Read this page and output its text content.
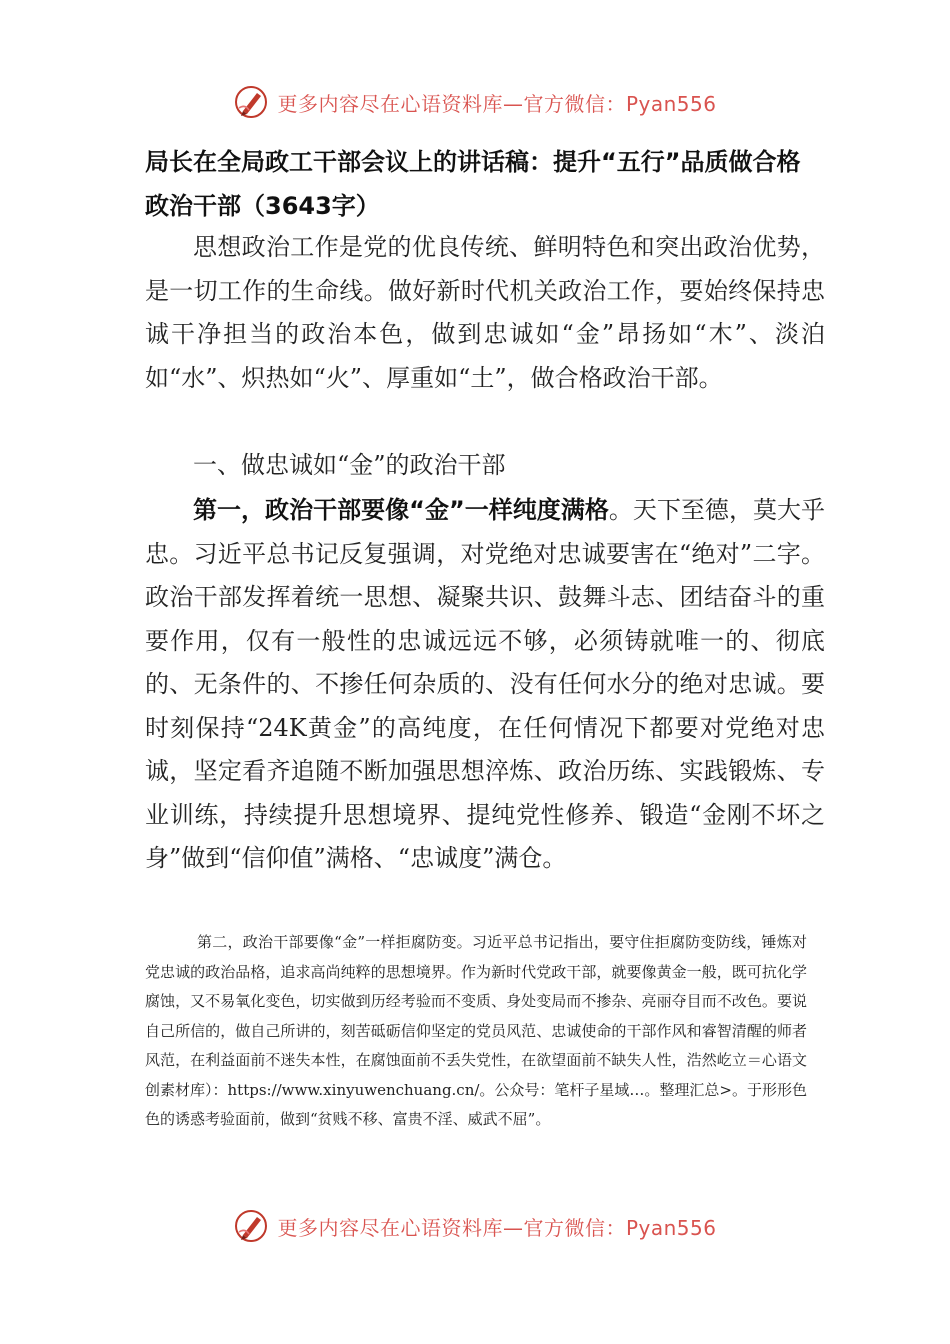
更多内容尽在心语资料库—官方微信：Pyan556
局长在全局政工干部会议上的讲话稿：提升“五行”品质做合格政治干部（3643字）

思想政治工作是党的优良传统、鲜明特色和突出政治优势，是一切工作的生命线。做好新时代机关政治工作，要始终保持忠诚干净担当的政治本色，做到忠诚如“金”昂扬如“木”、淡泊如“水”、炽热如“火”、厚重如“土”，做合格政治干部。

一、做忠诚如“金”的政治干部

第一，政治干部要像“金”一样纯度满格。天下至德，莫大乎忠。习近平总书记反复强调，对党绝对忠诚要害在“绝对”二字。政治干部发挥着统一思想、凝聚共识、鼓舞斗志、团结奋斗的重要作用，仅有一般性的忠诚远远不够，必须铸就唯一的、彻底的、无条件的、不掺任何杂质的、没有任何水分的绝对忠诚。要时刻保持“24K黄金”的高纯度，在任何情况下都要对党绝对忠诚，坚定看齐追随不断加强思想淬炼、政治历练、实践锻炼、专业训练，持续提升思想境界、提纯党性修养、锻造“金刚不坏之身”做到“信仰值”满格、“忠诚度”满仓。

第二，政治干部要像“金”一样拒腐防变。习近平总书记指出，要守住拒腐防变防线，锤炼对党忠诚的政治品格，追求高尚纯粹的思想境界。作为新时代党政干部，就要像黄金一般，既可抗化学腐蚀，又不易氧化变色，切实做到历经考验而不变质、身处变局而不掺杂、亮丽夺目而不改色。要说自己所信的，做自己所讲的，刻苦砥砺信仰坚定的党员风范、忠诚使命的干部作风和睿智清醒的师者风范，在利益面前不迷失本性，在腐蚀面前不丢失党性，在欲望面前不缺失人性，浩然屹立＝心语文创素材库）：https://www.xinyuwenchuang.cn/。公众号：笔杆子星域…。整理汇总>。于形形色色的诱惑考验面前，做到“贫贱不移、富贵不淫、威武不屈”。

更多内容尽在心语资料库—官方微信：Pyan556
